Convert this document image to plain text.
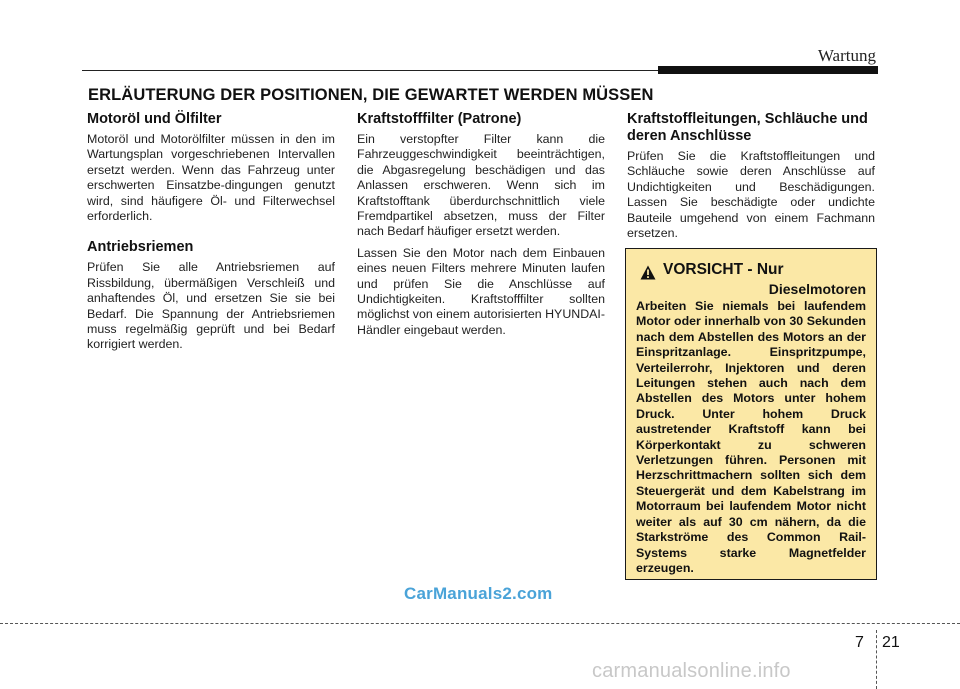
Wartung
ERLÄUTERUNG DER POSITIONEN, DIE GEWARTET WERDEN MÜSSEN
Motoröl und Ölfilter

Motoröl und Motorölfilter müssen in den im Wartungsplan vorgeschriebenen Intervallen ersetzt werden. Wenn das Fahrzeug unter erschwerten Einsatzbe-dingungen genutzt wird, sind häufigere Öl- und Filterwechsel erforderlich.

Antriebsriemen

Prüfen Sie alle Antriebsriemen auf Rissbildung, übermäßigen Verschleiß und anhaftendes Öl, und ersetzen Sie sie bei Bedarf. Die Spannung der Antriebsriemen muss regelmäßig geprüft und bei Bedarf korrigiert werden.

Kraftstofffilter (Patrone)

Ein verstopfter Filter kann die Fahrzeuggeschwindigkeit beeinträchtigen, die Abgasregelung beschädigen und das Anlassen erschweren. Wenn sich im Kraftstofftank überdurchschnittlich viele Fremdpartikel absetzen, muss der Filter nach Bedarf häufiger ersetzt werden.

Lassen Sie den Motor nach dem Einbauen eines neuen Filters mehrere Minuten laufen und prüfen Sie die Anschlüsse auf Undichtigkeiten. Kraftstofffilter sollten möglichst von einem autorisierten HYUNDAI-Händler eingebaut werden.

Kraftstoffleitungen, Schläuche und deren Anschlüsse

Prüfen Sie die Kraftstoffleitungen und Schläuche sowie deren Anschlüsse auf Undichtigkeiten und Beschädigungen. Lassen Sie beschädigte oder undichte Bauteile umgehend von einem Fachmann ersetzen.

VORSICHT - Nur
Dieselmotoren

Arbeiten Sie niemals bei laufendem Motor oder innerhalb von 30 Sekunden nach dem Abstellen des Motors an der Einspritzanlage. Einspritzpumpe, Verteilerrohr, Injektoren und deren Leitungen stehen auch nach dem Abstellen des Motors unter hohem Druck. Unter hohem Druck austretender Kraftstoff kann bei Körperkontakt zu schweren Verletzungen führen. Personen mit Herzschrittmachern sollten sich dem Steuergerät und dem Kabelstrang im Motorraum bei laufendem Motor nicht weiter als auf 30 cm nähern, da die Starkströme des Common Rail-Systems starke Magnetfelder erzeugen.

CarManuals2.com
7 21
carmanualsonline.info
